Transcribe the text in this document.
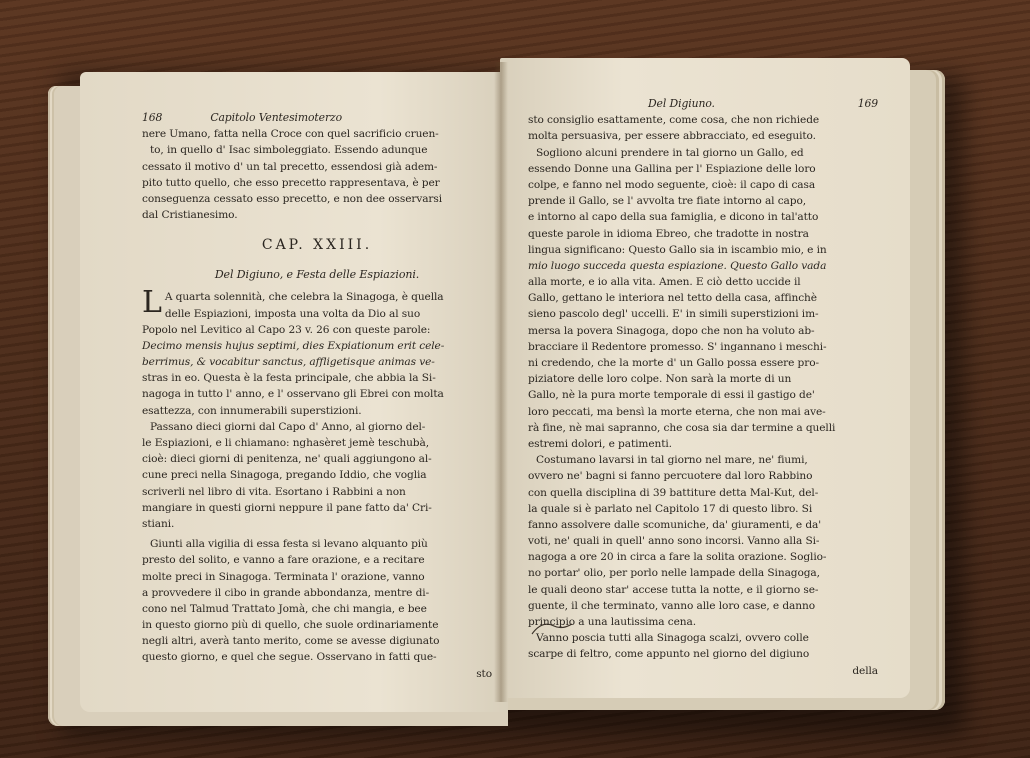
168	Capitolo Ventesimoterzo
nere Umano, fatta nella Croce con quel sacrificio cruen-
to, in quello d' Isac simboleggiato. Essendo adunque
cessato il motivo d' un tal precetto, essendosi già adem-
pito tutto quello, che esso precetto rappresentava, è per
conseguenza cessato esso precetto, e non dee osservarsi
dal Cristianesimo.
CAP. XXIII.
Del Digiuno, e Festa delle Espiazioni.
L A quarta solennità, che celebra la Sinagoga, è quella
delle Espiazioni, imposta una volta da Dio al suo
Popolo nel Levitico al Capo 23 v. 26 con queste parole:
Decimo mensis hujus septimi, dies Expiationum erit cele-
berrimus, & vocabitur sanctus, affligetisque animas ve-
stras in eo. Questa è la festa principale, che abbia la Si-
nagoga in tutto l' anno, e l' osservano gli Ebrei con molta
esattezza, con innumerabili superstizioni.
Passano dieci giorni dal Capo d' Anno, al giorno del-
le Espiazioni, e li chiamano: nghasèret jemè teschubà,
cioè: dieci giorni di penitenza, ne' quali aggiungono al-
cune preci nella Sinagoga, pregando Iddio, che voglia
scriverli nel libro di vita. Esortano i Rabbini a non
mangiare in questi giorni neppure il pane fatto da' Cri-
stiani.
Giunti alla vigilia di essa festa si levano alquanto più
presto del solito, e vanno a fare orazione, e a recitare
molte preci in Sinagoga. Terminata l' orazione, vanno
a provvedere il cibo in grande abbondanza, mentre di-
cono nel Talmud Trattato Jomà, che chi mangia, e bee
in questo giorno più di quello, che suole ordinariamente
negli altri, averà tanto merito, come se avesse digiunato
questo giorno, e quel che segue. Osservano in fatti que-
sto
Del Digiuno.	169
sto consiglio esattamente, come cosa, che non richiede
molta persuasiva, per essere abbracciato, ed eseguito.
Sogliono alcuni prendere in tal giorno un Gallo, ed
essendo Donne una Gallina per l' Espiazione delle loro
colpe, e fanno nel modo seguente, cioè: il capo di casa
prende il Gallo, se l' avvolta tre fiate intorno al capo,
e intorno al capo della sua famiglia, e dicono in tal'atto
queste parole in idioma Ebreo, che tradotte in nostra
lingua significano: Questo Gallo sia in iscambio mio, e in
mio luogo succeda questa espiazione. Questo Gallo vada
alla morte, e io alla vita. Amen. E ciò detto uccide il
Gallo, gettano le interiora nel tetto della casa, affinchè
sieno pascolo degl' uccelli. E' in simili superstizioni im-
mersa la povera Sinagoga, dopo che non ha voluto ab-
bracciare il Redentore promesso. S' ingannano i meschi-
ni credendo, che la morte d' un Gallo possa essere pro-
piziatore delle loro colpe. Non sarà la morte di un
Gallo, nè la pura morte temporale di essi il gastigo de'
loro peccati, ma bensì la morte eterna, che non mai ave-
rà fine, nè mai sapranno, che cosa sia dar termine a quelli
estremi dolori, e patimenti.
Costumano lavarsi in tal giorno nel mare, ne' fiumi,
ovvero ne' bagni si fanno percuotere dal loro Rabbino
con quella disciplina di 39 battiture detta Mal-Kut, del-
la quale si è parlato nel Capitolo 17 di questo libro. Si
fanno assolvere dalle scomuniche, da' giuramenti, e da'
voti, ne' quali in quell' anno sono incorsi. Vanno alla Si-
nagoga a ore 20 in circa a fare la solita orazione. Soglio-
no portar' olio, per porlo nelle lampade della Sinagoga,
le quali deono star' accese tutta la notte, e il giorno se-
guente, il che terminato, vanno alle loro case, e danno
principio a una lautissima cena.
Vanno poscia tutti alla Sinagoga scalzi, ovvero colle
scarpe di feltro, come appunto nel giorno del digiuno
della
